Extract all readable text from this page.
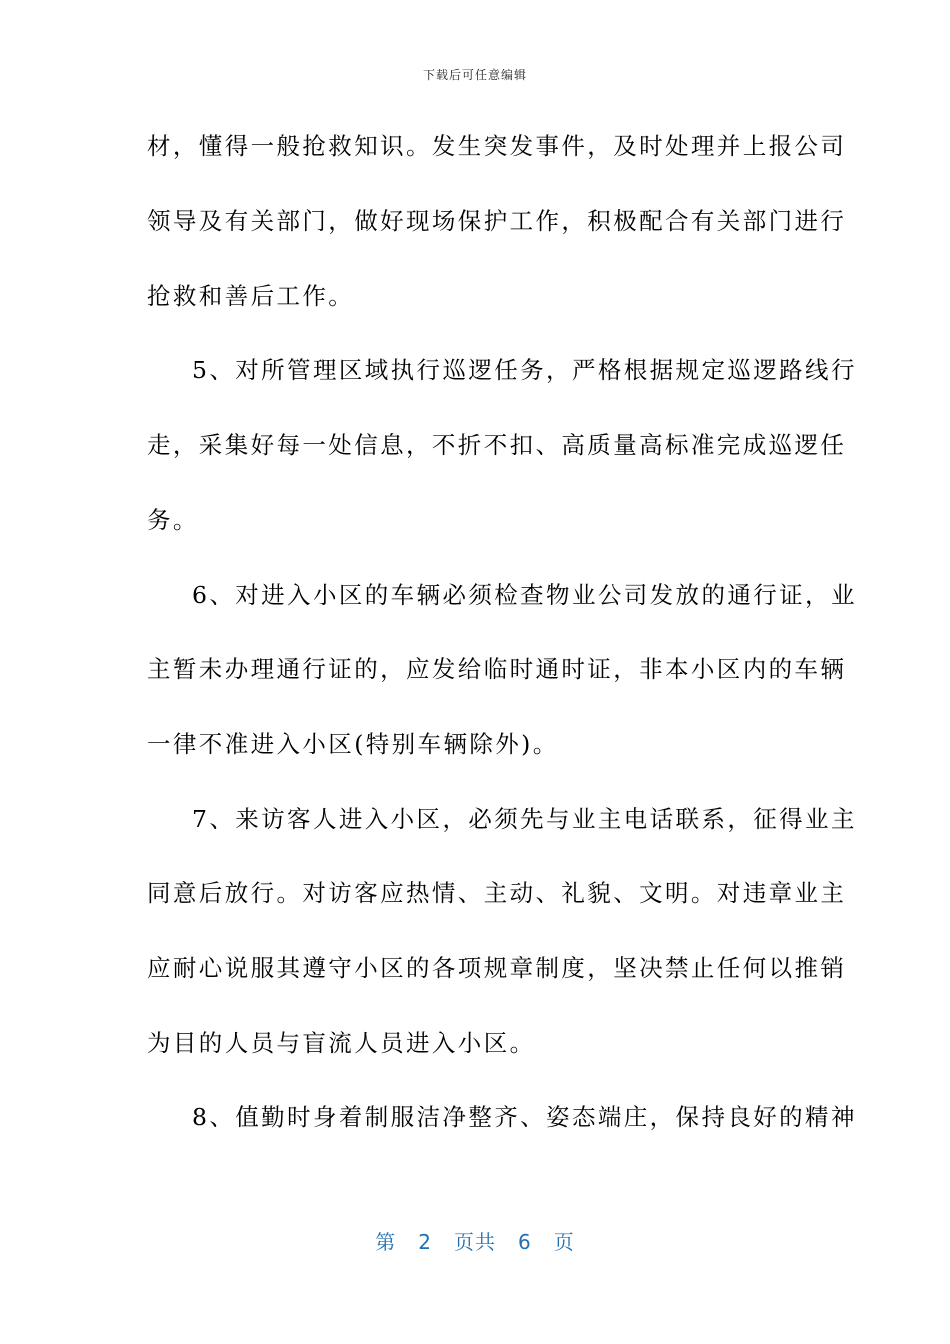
下载后可任意编辑
材，懂得一般抢救知识。发生突发事件，及时处理并上报公司
领导及有关部门，做好现场保护工作，积极配合有关部门进行
抢救和善后工作。
5、对所管理区域执行巡逻任务，严格根据规定巡逻路线行
走，采集好每一处信息，不折不扣、高质量高标准完成巡逻任
务。
6、对进入小区的车辆必须检查物业公司发放的通行证，业
主暂未办理通行证的，应发给临时通时证，非本小区内的车辆
一律不准进入小区(特别车辆除外)。
7、来访客人进入小区，必须先与业主电话联系，征得业主
同意后放行。对访客应热情、主动、礼貌、文明。对违章业主
应耐心说服其遵守小区的各项规章制度，坚决禁止任何以推销
为目的人员与盲流人员进入小区。
8、值勤时身着制服洁净整齐、姿态端庄，保持良好的精神
第 2 页共 6 页
